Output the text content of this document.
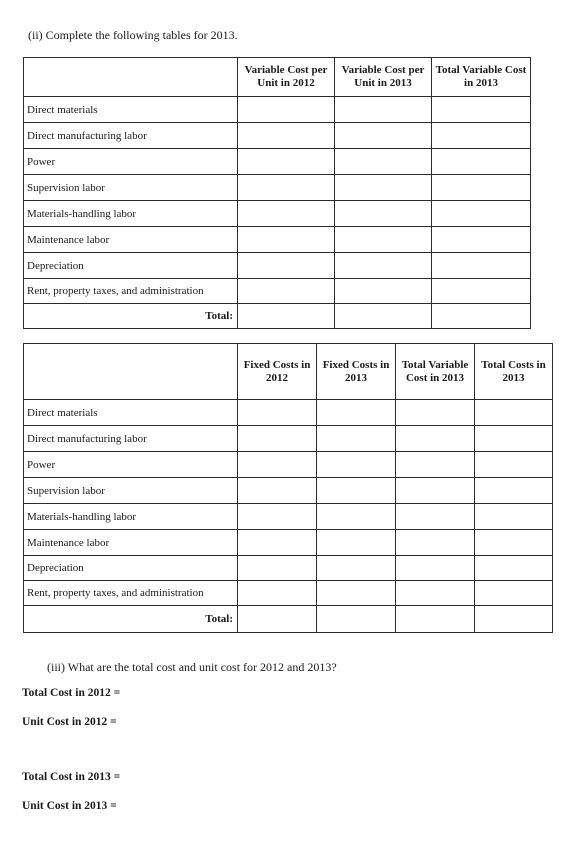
(ii) Complete the following tables for 2013.
	Variable Cost per Unit in 2012	Variable Cost per Unit in 2013	Total Variable Cost in 2013
Direct materials			
Direct manufacturing labor			
Power			
Supervision labor			
Materials-handling labor			
Maintenance labor			
Depreciation			
Rent, property taxes, and administration			
Total:			
	Fixed Costs in 2012	Fixed Costs in 2013	Total Variable Cost in 2013	Total Costs in 2013
Direct materials				
Direct manufacturing labor				
Power				
Supervision labor				
Materials-handling labor				
Maintenance labor				
Depreciation				
Rent, property taxes, and administration				
Total:				
(iii) What are the total cost and unit cost for 2012 and 2013?
Total Cost in 2012 =
Unit Cost in 2012 =
Total Cost in 2013 =
Unit Cost in 2013 =
